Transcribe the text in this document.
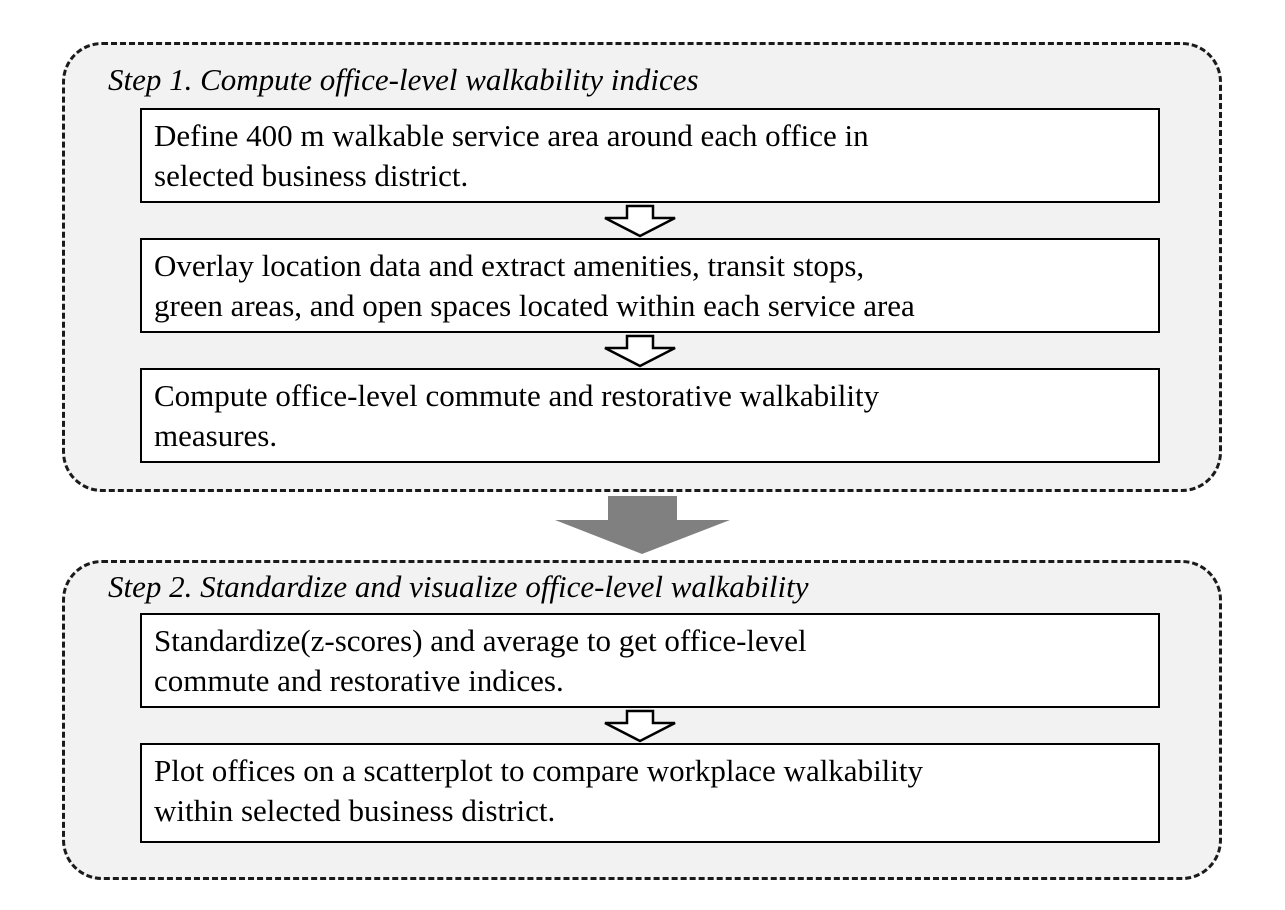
Step 1. Compute office-level walkability indices
Define 400 m walkable service area around each office in
selected business district.
Overlay location data and extract amenities, transit stops,
green areas, and open spaces located within each service area
Compute office-level commute and restorative walkability
measures.
Step 2. Standardize and visualize office-level walkability
Standardize(z-scores) and average to get office-level
commute and restorative indices.
Plot offices on a scatterplot to compare workplace walkability
within selected business district.
